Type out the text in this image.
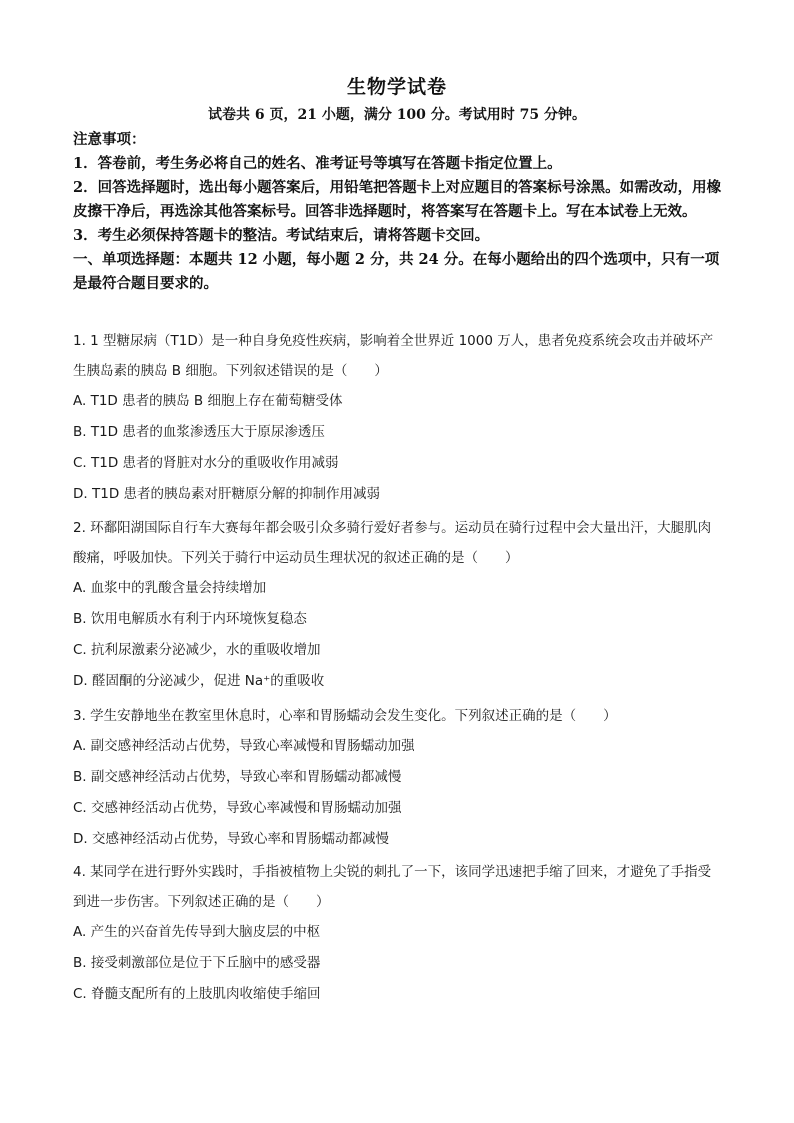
生物学试卷
试卷共 6 页，21 小题，满分 100 分。考试用时 75 分钟。

注意事项：

1．答卷前，考生务必将自己的姓名、准考证号等填写在答题卡指定位置上。

2．回答选择题时，选出每小题答案后，用铅笔把答题卡上对应题目的答案标号涂黑。如需改动，用橡皮擦干净后，再选涂其他答案标号。回答非选择题时，将答案写在答题卡上。写在本试卷上无效。

3．考生必须保持答题卡的整洁。考试结束后，请将答题卡交回。

一、单项选择题：本题共 12 小题，每小题 2 分，共 24 分。在每小题给出的四个选项中，只有一项是最符合题目要求的。

1. 1 型糖尿病（T1D）是一种自身免疫性疾病，影响着全世界近 1000 万人，患者免疫系统会攻击并破坏产生胰岛素的胰岛 B 细胞。下列叙述错误的是（　　）

A. T1D 患者的胰岛 B 细胞上存在葡萄糖受体

B. T1D 患者的血浆渗透压大于原尿渗透压

C. T1D 患者的肾脏对水分的重吸收作用减弱

D. T1D 患者的胰岛素对肝糖原分解的抑制作用减弱

2. 环鄱阳湖国际自行车大赛每年都会吸引众多骑行爱好者参与。运动员在骑行过程中会大量出汗，大腿肌肉酸痛，呼吸加快。下列关于骑行中运动员生理状况的叙述正确的是（　　）

A. 血浆中的乳酸含量会持续增加

B. 饮用电解质水有利于内环境恢复稳态

C. 抗利尿激素分泌减少，水的重吸收增加

D. 醛固酮的分泌减少，促进 Na⁺的重吸收

3. 学生安静地坐在教室里休息时，心率和胃肠蠕动会发生变化。下列叙述正确的是（　　）

A. 副交感神经活动占优势，导致心率减慢和胃肠蠕动加强

B. 副交感神经活动占优势，导致心率和胃肠蠕动都减慢

C. 交感神经活动占优势，导致心率减慢和胃肠蠕动加强

D. 交感神经活动占优势，导致心率和胃肠蠕动都减慢

4. 某同学在进行野外实践时，手指被植物上尖锐的刺扎了一下，该同学迅速把手缩了回来，才避免了手指受到进一步伤害。下列叙述正确的是（　　）

A. 产生的兴奋首先传导到大脑皮层的中枢

B. 接受刺激部位是位于下丘脑中的感受器

C. 脊髓支配所有的上肢肌肉收缩使手缩回
